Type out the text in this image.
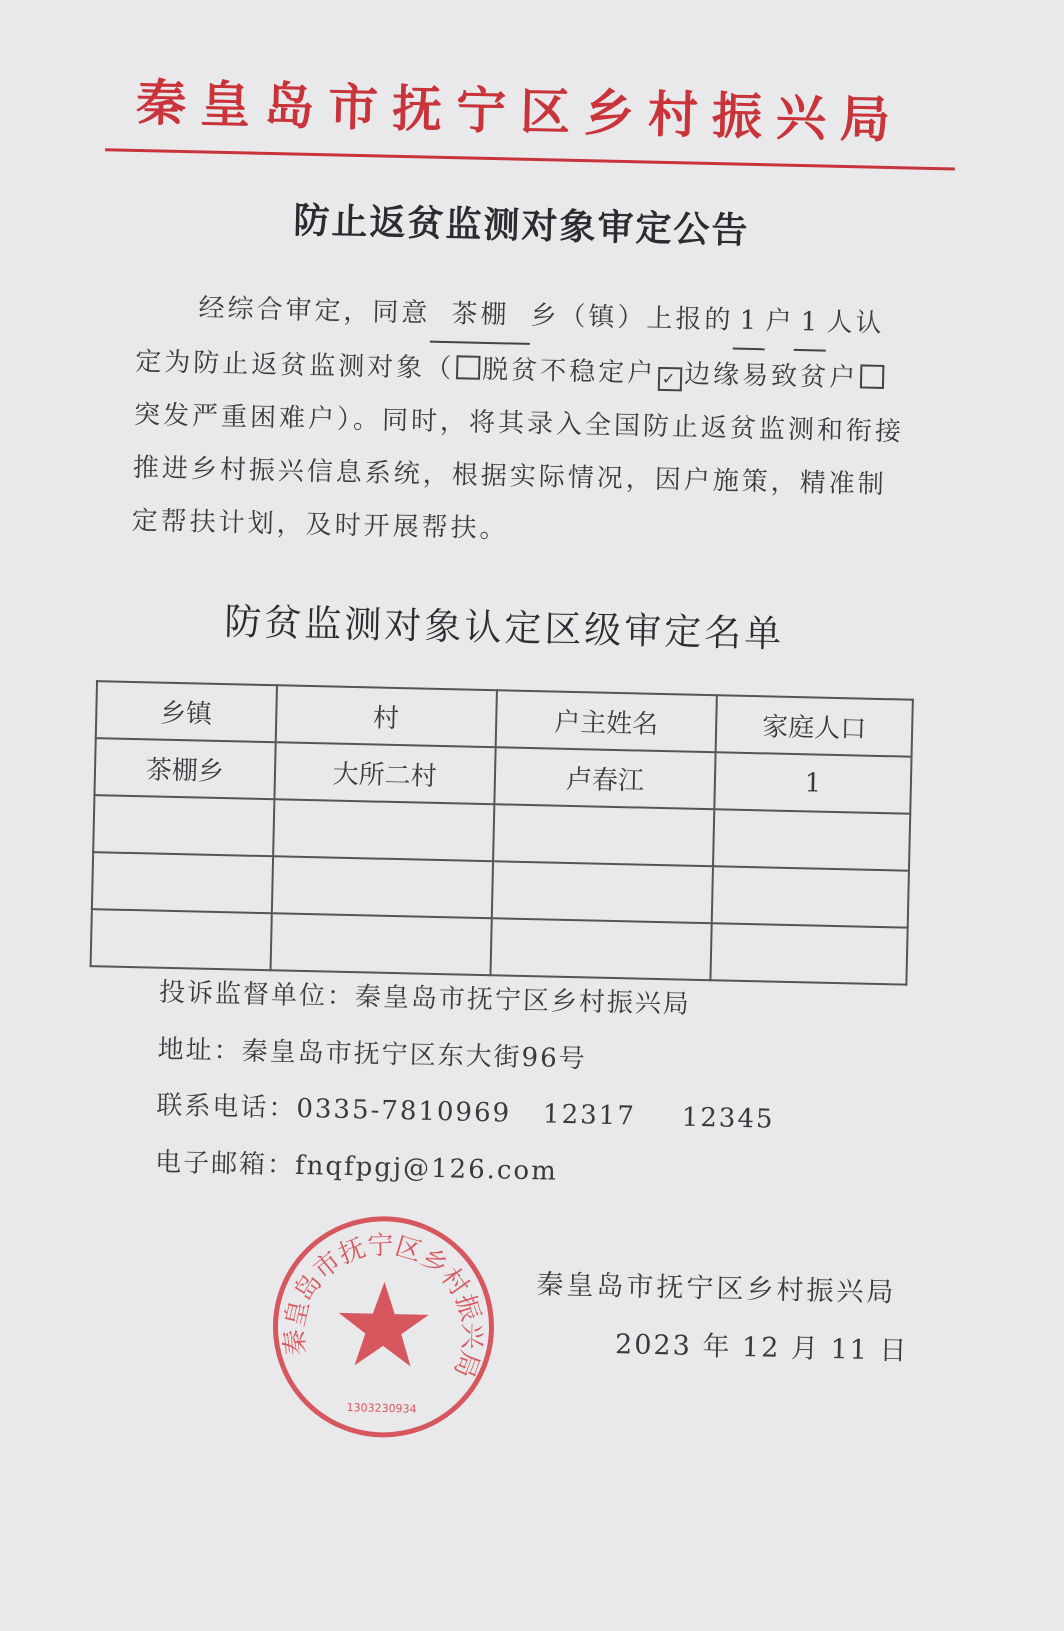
秦皇岛市抚宁区乡村振兴局
防止返贫监测对象审定公告
经综合审定，同意 茶棚 乡（镇）上报的 1 户 1 人认定为防止返贫监测对象（ 脱贫不稳定户 ✓ 边缘易致贫户突发严重困难户）。同时，将其录入全国防止返贫监测和衔接推进乡村振兴信息系统，根据实际情况，因户施策，精准制定帮扶计划，及时开展帮扶。
防贫监测对象认定区级审定名单
乡镇	村	户主姓名	家庭人口
茶棚乡	大所二村	卢春江	1

投诉监督单位：秦皇岛市抚宁区乡村振兴局
地址：秦皇岛市抚宁区东大街96号
联系电话：0335-7810969 12317 12345
电子邮箱：fnqfpgj@126.com
秦皇岛市抚宁区乡村振兴局
2023 年 12 月 11 日
秦皇岛市抚宁区乡村振兴局
1303230934
